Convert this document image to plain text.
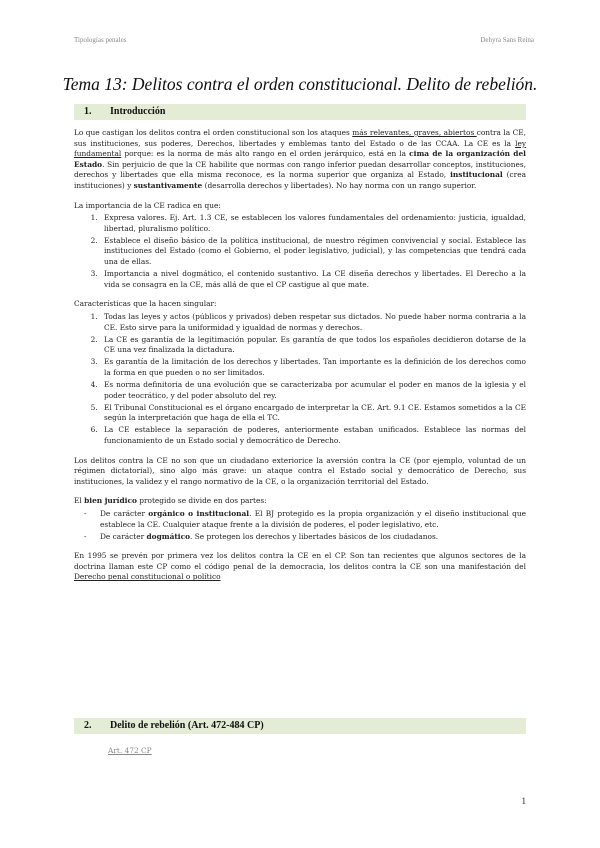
Tipologías penales	Dehyra Sans Reina
Tema 13: Delitos contra el orden constitucional. Delito de rebelión.
1. Introducción

Lo que castigan los delitos contra el orden constitucional son los ataques más relevantes, graves, abiertos contra la CE, sus instituciones, sus poderes, Derechos, libertades y emblemas tanto del Estado o de las CCAA. La CE es la ley fundamental porque: es la norma de más alto rango en el orden jerárquico, está en la cima de la organización del Estado. Sin perjuicio de que la CE habilite que normas con rango inferior puedan desarrollar conceptos, instituciones, derechos y libertades que ella misma reconoce, es la norma superior que organiza al Estado, institucional (crea instituciones) y sustantivamente (desarrolla derechos y libertades). No hay norma con un rango superior.

La importancia de la CE radica en que:

1. Expresa valores. Ej. Art. 1.3 CE, se establecen los valores fundamentales del ordenamiento: justicia, igualdad, libertad, pluralismo político.
2. Establece el diseño básico de la política institucional, de nuestro régimen convivencial y social. Establece las instituciones del Estado (como el Gobierno, el poder legislativo, judicial), y las competencias que tendrá cada una de ellas.
3. Importancia a nivel dogmático, el contenido sustantivo. La CE diseña derechos y libertades. El Derecho a la vida se consagra en la CE, más allá de que el CP castigue al que mate.

Características que la hacen singular:

1. Todas las leyes y actos (públicos y privados) deben respetar sus dictados. No puede haber norma contraria a la CE. Esto sirve para la uniformidad y igualdad de normas y derechos.
2. La CE es garantía de la legitimación popular. Es garantía de que todos los españoles decidieron dotarse de la CE una vez finalizada la dictadura.
3. Es garantía de la limitación de los derechos y libertades. Tan importante es la definición de los derechos como la forma en que pueden o no ser limitados.
4. Es norma definitoria de una evolución que se caracterizaba por acumular el poder en manos de la iglesia y el poder teocrático, y del poder absoluto del rey.
5. El Tribunal Constitucional es el órgano encargado de interpretar la CE. Art. 9.1 CE. Estamos sometidos a la CE según la interpretación que haga de ella el TC.
6. La CE establece la separación de poderes, anteriormente estaban unificados. Establece las normas del funcionamiento de un Estado social y democrático de Derecho.

Los delitos contra la CE no son que un ciudadano exteriorice la aversión contra la CE (por ejemplo, voluntad de un régimen dictatorial), sino algo más grave: un ataque contra el Estado social y democrático de Derecho, sus instituciones, la validez y el rango normativo de la CE, o la organización territorial del Estado.

El bien jurídico protegido se divide en dos partes:

- De carácter orgánico o institucional. El BJ protegido es la propia organización y el diseño institucional que establece la CE. Cualquier ataque frente a la división de poderes, el poder legislativo, etc.
- De carácter dogmático. Se protegen los derechos y libertades básicos de los ciudadanos.

En 1995 se prevén por primera vez los delitos contra la CE en el CP. Son tan recientes que algunos sectores de la doctrina llaman este CP como el código penal de la democracia, los delitos contra la CE son una manifestación del Derecho penal constitucional o político

2. Delito de rebelión (Art. 472-484 CP)
Art. 472 CP
1
